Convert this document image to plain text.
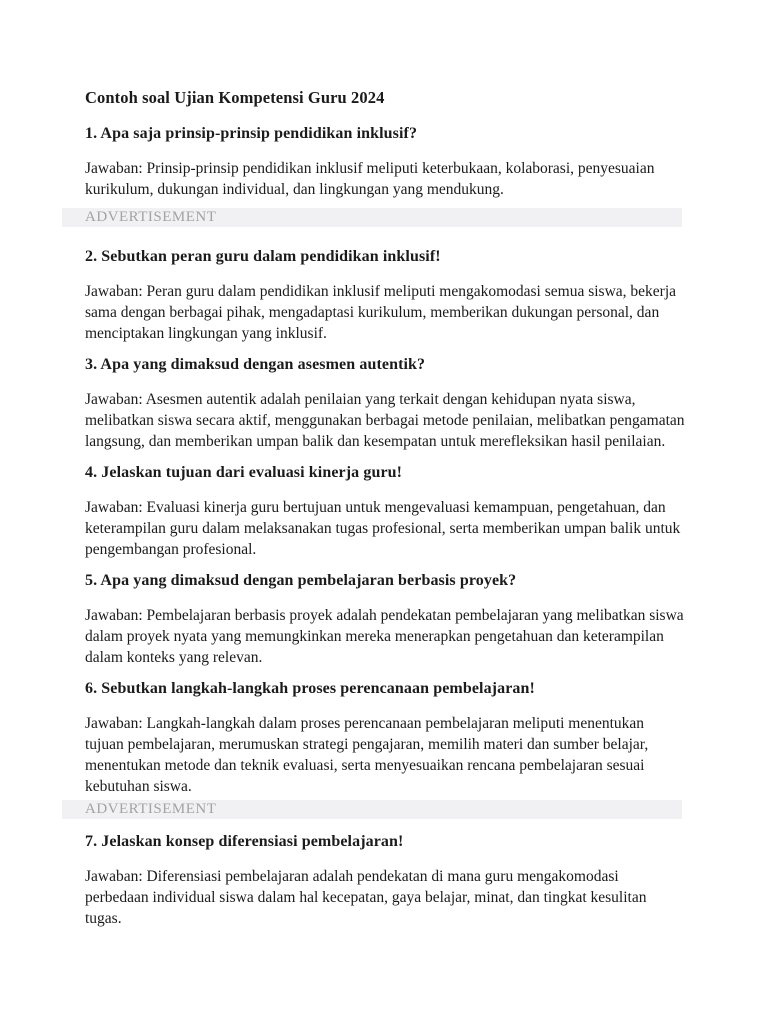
Contoh soal Ujian Kompetensi Guru 2024
1. Apa saja prinsip-prinsip pendidikan inklusif?

Jawaban: Prinsip-prinsip pendidikan inklusif meliputi keterbukaan, kolaborasi, penyesuaian kurikulum, dukungan individual, dan lingkungan yang mendukung.

ADVERTISEMENT
2. Sebutkan peran guru dalam pendidikan inklusif!

Jawaban: Peran guru dalam pendidikan inklusif meliputi mengakomodasi semua siswa, bekerja sama dengan berbagai pihak, mengadaptasi kurikulum, memberikan dukungan personal, dan menciptakan lingkungan yang inklusif.

3. Apa yang dimaksud dengan asesmen autentik?

Jawaban: Asesmen autentik adalah penilaian yang terkait dengan kehidupan nyata siswa, melibatkan siswa secara aktif, menggunakan berbagai metode penilaian, melibatkan pengamatan langsung, dan memberikan umpan balik dan kesempatan untuk merefleksikan hasil penilaian.

4. Jelaskan tujuan dari evaluasi kinerja guru!

Jawaban: Evaluasi kinerja guru bertujuan untuk mengevaluasi kemampuan, pengetahuan, dan keterampilan guru dalam melaksanakan tugas profesional, serta memberikan umpan balik untuk pengembangan profesional.

5. Apa yang dimaksud dengan pembelajaran berbasis proyek?

Jawaban: Pembelajaran berbasis proyek adalah pendekatan pembelajaran yang melibatkan siswa dalam proyek nyata yang memungkinkan mereka menerapkan pengetahuan dan keterampilan dalam konteks yang relevan.

6. Sebutkan langkah-langkah proses perencanaan pembelajaran!

Jawaban: Langkah-langkah dalam proses perencanaan pembelajaran meliputi menentukan tujuan pembelajaran, merumuskan strategi pengajaran, memilih materi dan sumber belajar, menentukan metode dan teknik evaluasi, serta menyesuaikan rencana pembelajaran sesuai kebutuhan siswa.

ADVERTISEMENT
7. Jelaskan konsep diferensiasi pembelajaran!

Jawaban: Diferensiasi pembelajaran adalah pendekatan di mana guru mengakomodasi perbedaan individual siswa dalam hal kecepatan, gaya belajar, minat, dan tingkat kesulitan tugas.
